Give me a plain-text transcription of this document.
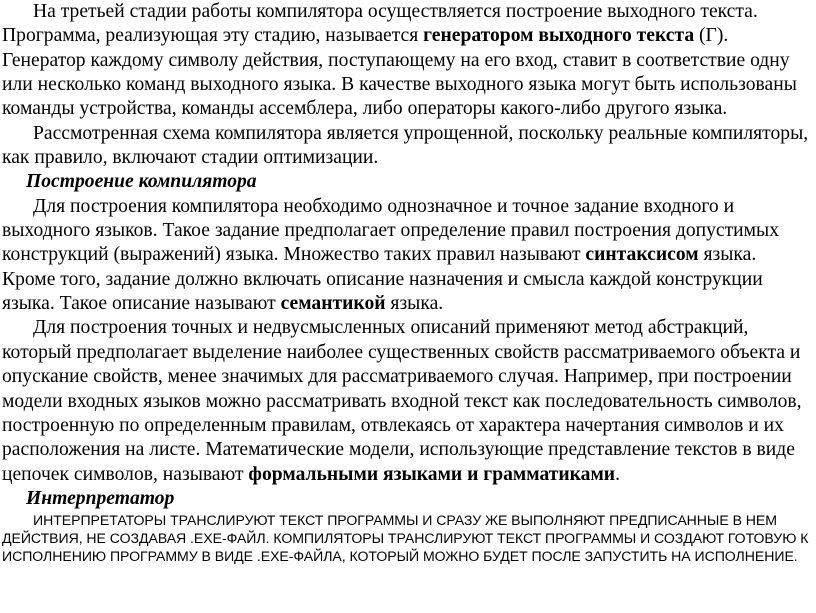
На третьей стадии работы компилятора осуществляется построение выходного текста. Программа, реализующая эту стадию, называется генератором выходного текста (Г). Генератор каждому символу действия, поступающему на его вход, ставит в соответствие одну или несколько команд выходного языка. В качестве выходного языка могут быть использованы команды устройства, команды ассемблера, либо операторы какого-либо другого языка.

Рассмотренная схема компилятора является упрощенной, поскольку реальные компиляторы, как правило, включают стадии оптимизации.

Построение компилятора

Для построения компилятора необходимо однозначное и точное задание входного и выходного языков. Такое задание предполагает определение правил построения допустимых конструкций (выражений) языка. Множество таких правил называют синтаксисом языка. Кроме того, задание должно включать описание назначения и смысла каждой конструкции языка. Такое описание называют семантикой языка.

Для построения точных и недвусмысленных описаний применяют метод абстракций, который предполагает выделение наиболее существенных свойств рассматриваемого объекта и опускание свойств, менее значимых для рассматриваемого случая. Например, при построении модели входных языков можно рассматривать входной текст как последовательность символов, построенную по определенным правилам, отвлекаясь от характера начертания символов и их расположения на листе. Математические модели, использующие представление текстов в виде цепочек символов, называют формальными языками и грамматиками.

Интерпретатор

ИНТЕРПРЕТАТОРЫ ТРАНСЛИРУЮТ ТЕКСТ ПРОГРАММЫ И СРАЗУ ЖЕ ВЫПОЛНЯЮТ ПРЕДПИСАННЫЕ В НЕМ ДЕЙСТВИЯ, НЕ СОЗДАВАЯ .EXE-ФАЙЛ. КОМПИЛЯТОРЫ ТРАНСЛИРУЮТ ТЕКСТ ПРОГРАММЫ И СОЗДАЮТ ГОТОВУЮ К ИСПОЛНЕНИЮ ПРОГРАММУ В ВИДЕ .EXE-ФАЙЛА, КОТОРЫЙ МОЖНО БУДЕТ ПОСЛЕ ЗАПУСТИТЬ НА ИСПОЛНЕНИЕ.
